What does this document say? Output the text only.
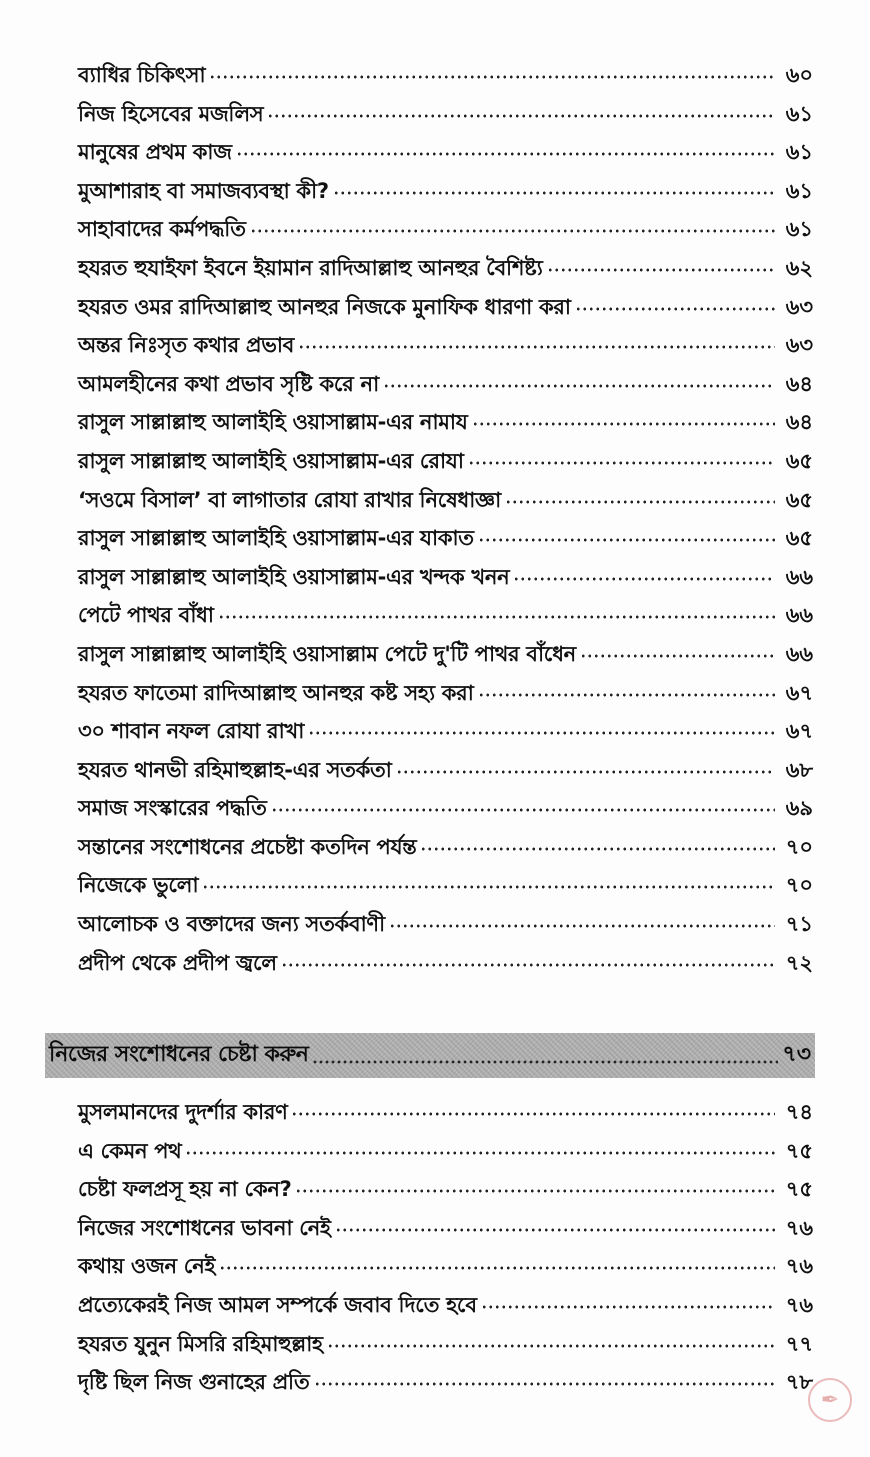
ব্যাধির চিকিৎসা	৬০
নিজ হিসেবের মজলিস	৬১
মানুষের প্রথম কাজ	৬১
মুআশারাহ বা সমাজব্যবস্থা কী?	৬১
সাহাবাদের কর্মপদ্ধতি	৬১
হযরত হুযাইফা ইবনে ইয়ামান রাদিআল্লাহু আনহুর বৈশিষ্ট্য	৬২
হযরত ওমর রাদিআল্লাহু আনহুর নিজকে মুনাফিক ধারণা করা	৬৩
অন্তর নিঃসৃত কথার প্রভাব	৬৩
আমলহীনের কথা প্রভাব সৃষ্টি করে না	৬৪
রাসুল সাল্লাল্লাহু আলাইহি ওয়াসাল্লাম-এর নামায	৬৪
রাসুল সাল্লাল্লাহু আলাইহি ওয়াসাল্লাম-এর রোযা	৬৫
‘সওমে বিসাল’ বা লাগাতার রোযা রাখার নিষেধাজ্ঞা	৬৫
রাসুল সাল্লাল্লাহু আলাইহি ওয়াসাল্লাম-এর যাকাত	৬৫
রাসুল সাল্লাল্লাহু আলাইহি ওয়াসাল্লাম-এর খন্দক খনন	৬৬
পেটে পাথর বাঁধা	৬৬
রাসুল সাল্লাল্লাহু আলাইহি ওয়াসাল্লাম পেটে দু'টি পাথর বাঁধেন	৬৬
হযরত ফাতেমা রাদিআল্লাহু আনহুর কষ্ট সহ্য করা	৬৭
৩০ শাবান নফল রোযা রাখা	৬৭
হযরত থানভী রহিমাহুল্লাহ-এর সতর্কতা	৬৮
সমাজ সংস্কারের পদ্ধতি	৬৯
সন্তানের সংশোধনের প্রচেষ্টা কতদিন পর্যন্ত	৭০
নিজেকে ভুলো	৭০
আলোচক ও বক্তাদের জন্য সতর্কবাণী	৭১
প্রদীপ থেকে প্রদীপ জ্বলে	৭২
নিজের সংশোধনের চেষ্টা করুন	৭৩
মুসলমানদের দুদর্শার কারণ	৭৪
এ কেমন পথ	৭৫
চেষ্টা ফলপ্রসূ হয় না কেন?	৭৫
নিজের সংশোধনের ভাবনা নেই	৭৬
কথায় ওজন নেই	৭৬
প্রত্যেকেরই নিজ আমল সম্পর্কে জবাব দিতে হবে	৭৬
হযরত যুনুন মিসরি রহিমাহুল্লাহ	৭৭
দৃষ্টি ছিল নিজ গুনাহের প্রতি	৭৮
✒
